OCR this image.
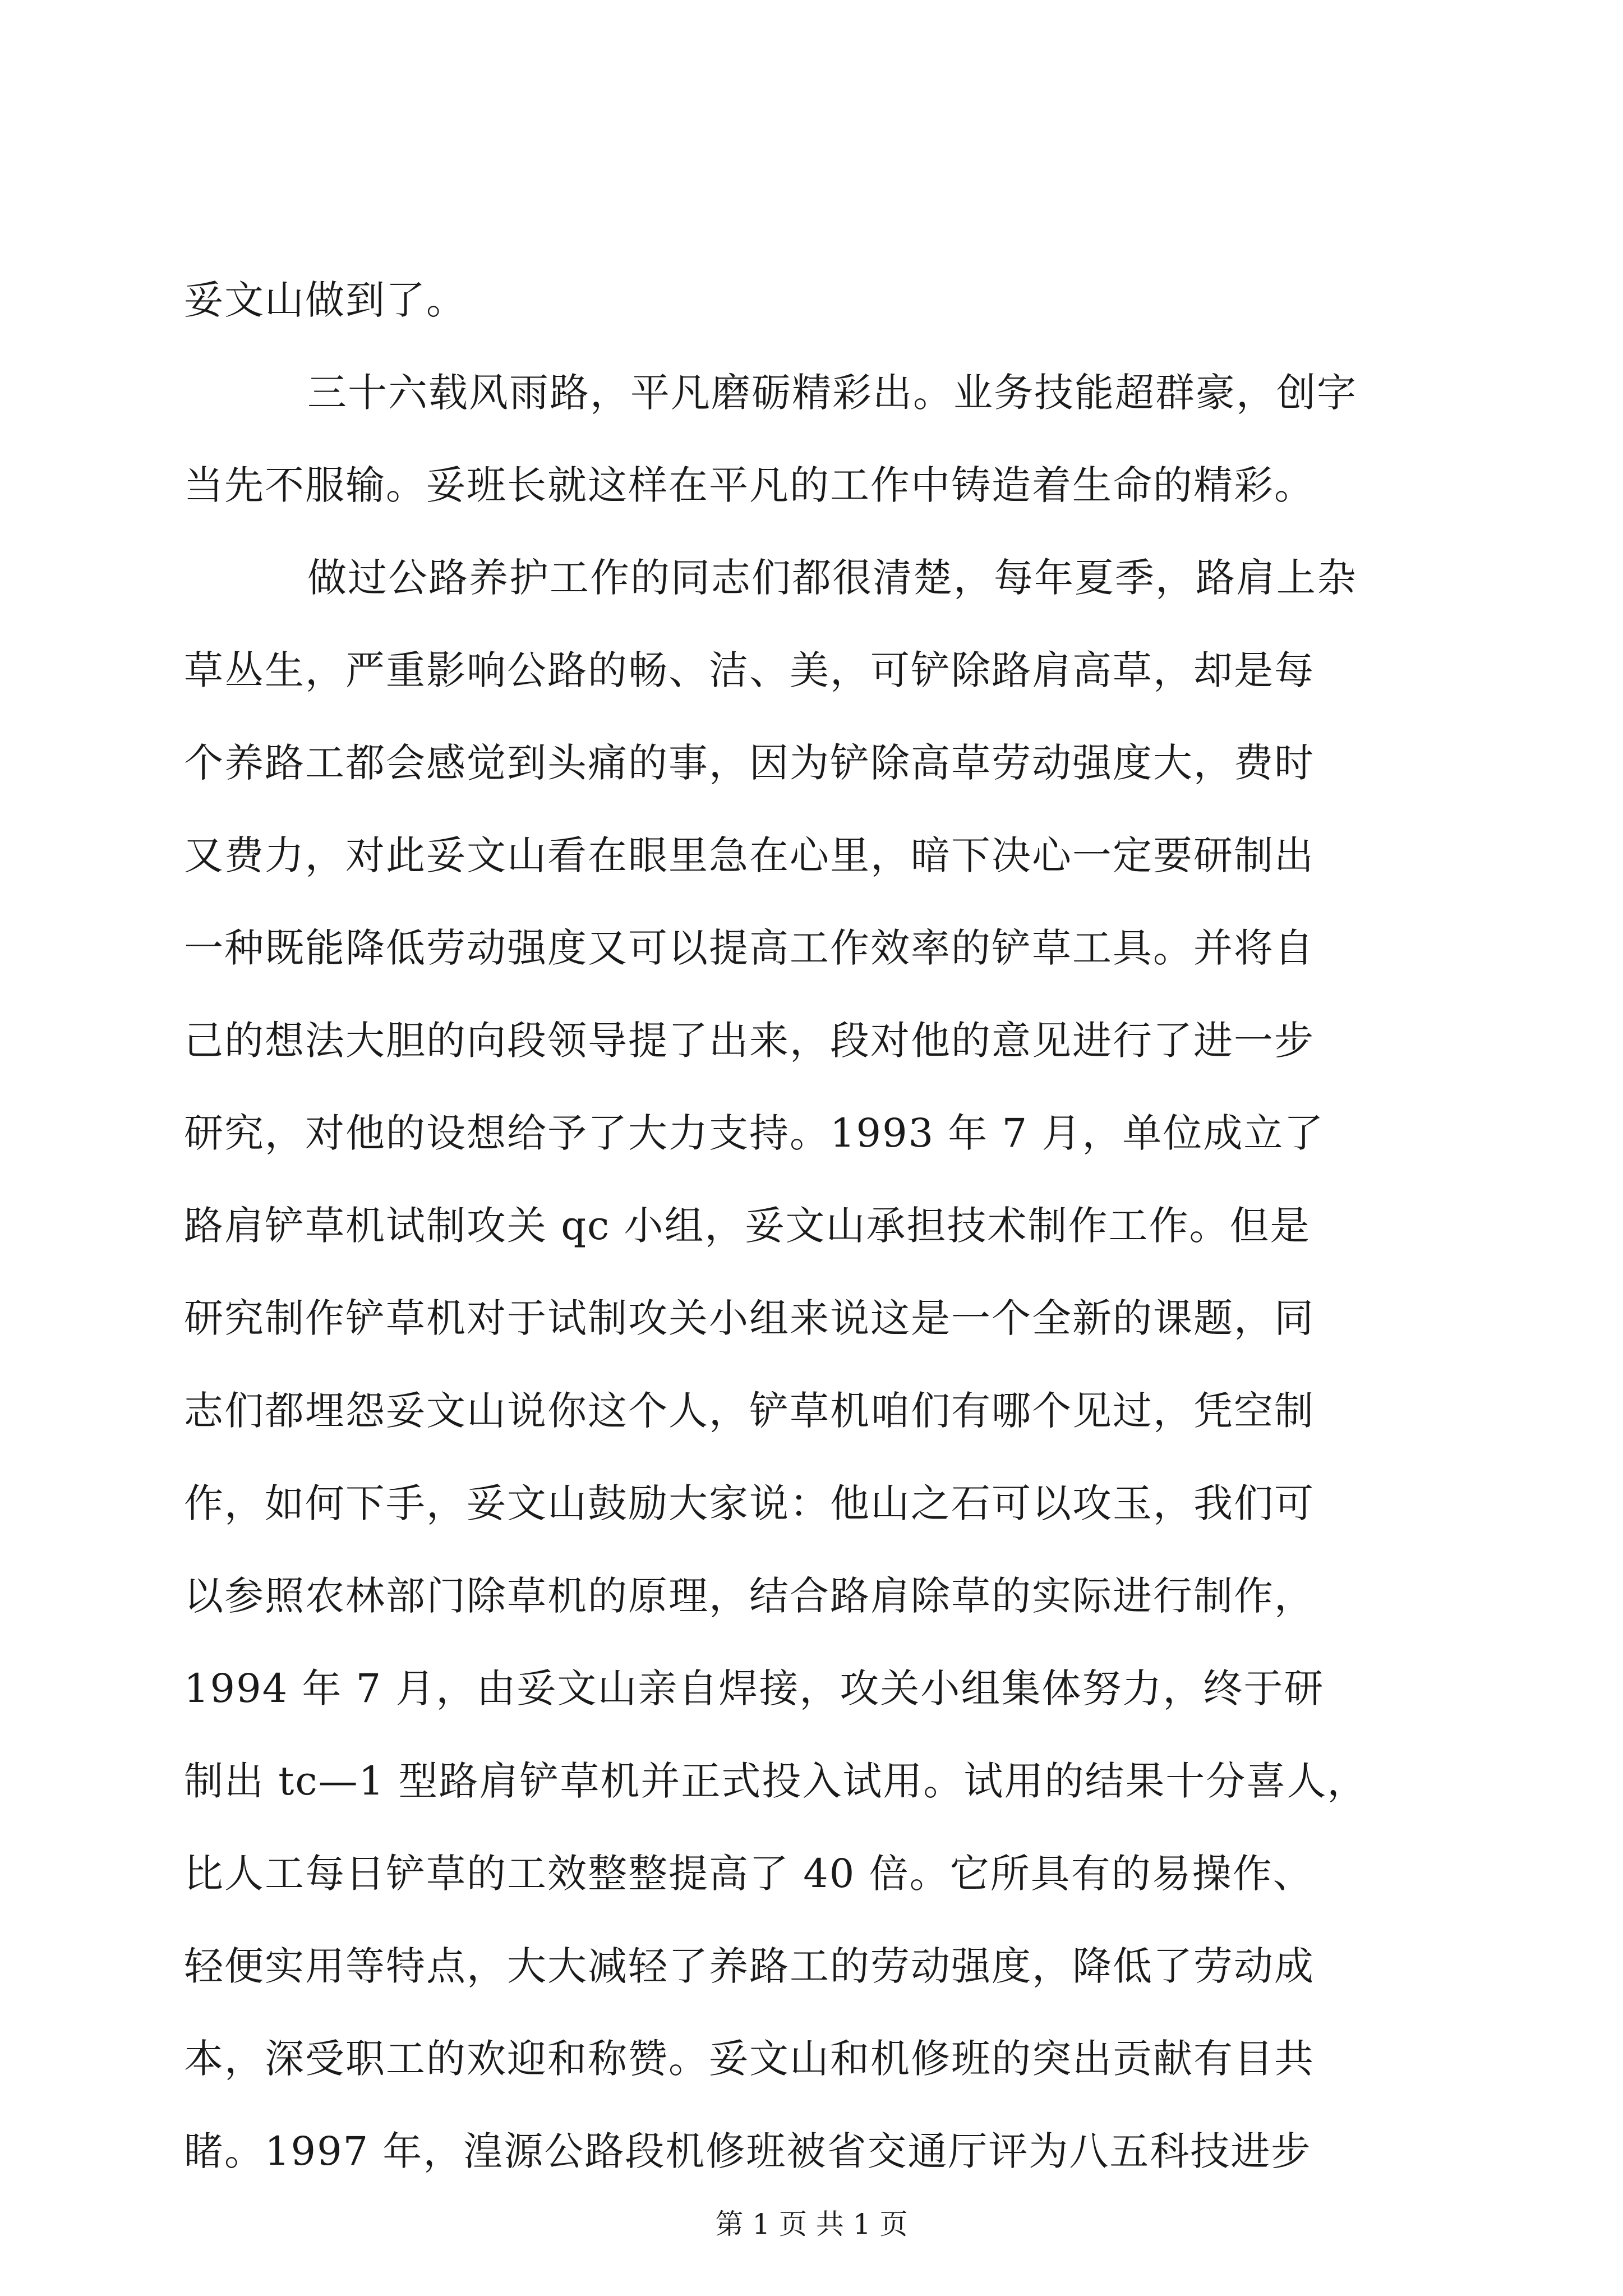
妥文山做到了。
三十六载风雨路，平凡磨砺精彩出。业务技能超群豪，创字
当先不服输。妥班长就这样在平凡的工作中铸造着生命的精彩。
做过公路养护工作的同志们都很清楚，每年夏季，路肩上杂
草丛生，严重影响公路的畅、洁、美，可铲除路肩高草，却是每
个养路工都会感觉到头痛的事，因为铲除高草劳动强度大，费时
又费力，对此妥文山看在眼里急在心里，暗下决心一定要研制出
一种既能降低劳动强度又可以提高工作效率的铲草工具。并将自
己的想法大胆的向段领导提了出来，段对他的意见进行了进一步
研究，对他的设想给予了大力支持。1993 年 7 月，单位成立了
路肩铲草机试制攻关 qc 小组，妥文山承担技术制作工作。但是
研究制作铲草机对于试制攻关小组来说这是一个全新的课题，同
志们都埋怨妥文山说你这个人，铲草机咱们有哪个见过，凭空制
作，如何下手，妥文山鼓励大家说：他山之石可以攻玉，我们可
以参照农林部门除草机的原理，结合路肩除草的实际进行制作，
1994 年 7 月，由妥文山亲自焊接，攻关小组集体努力，终于研
制出 tc—1 型路肩铲草机并正式投入试用。试用的结果十分喜人，
比人工每日铲草的工效整整提高了 40 倍。它所具有的易操作、
轻便实用等特点，大大减轻了养路工的劳动强度，降低了劳动成
本，深受职工的欢迎和称赞。妥文山和机修班的突出贡献有目共
睹。1997 年，湟源公路段机修班被省交通厅评为八五科技进步
第 1 页 共 1 页
